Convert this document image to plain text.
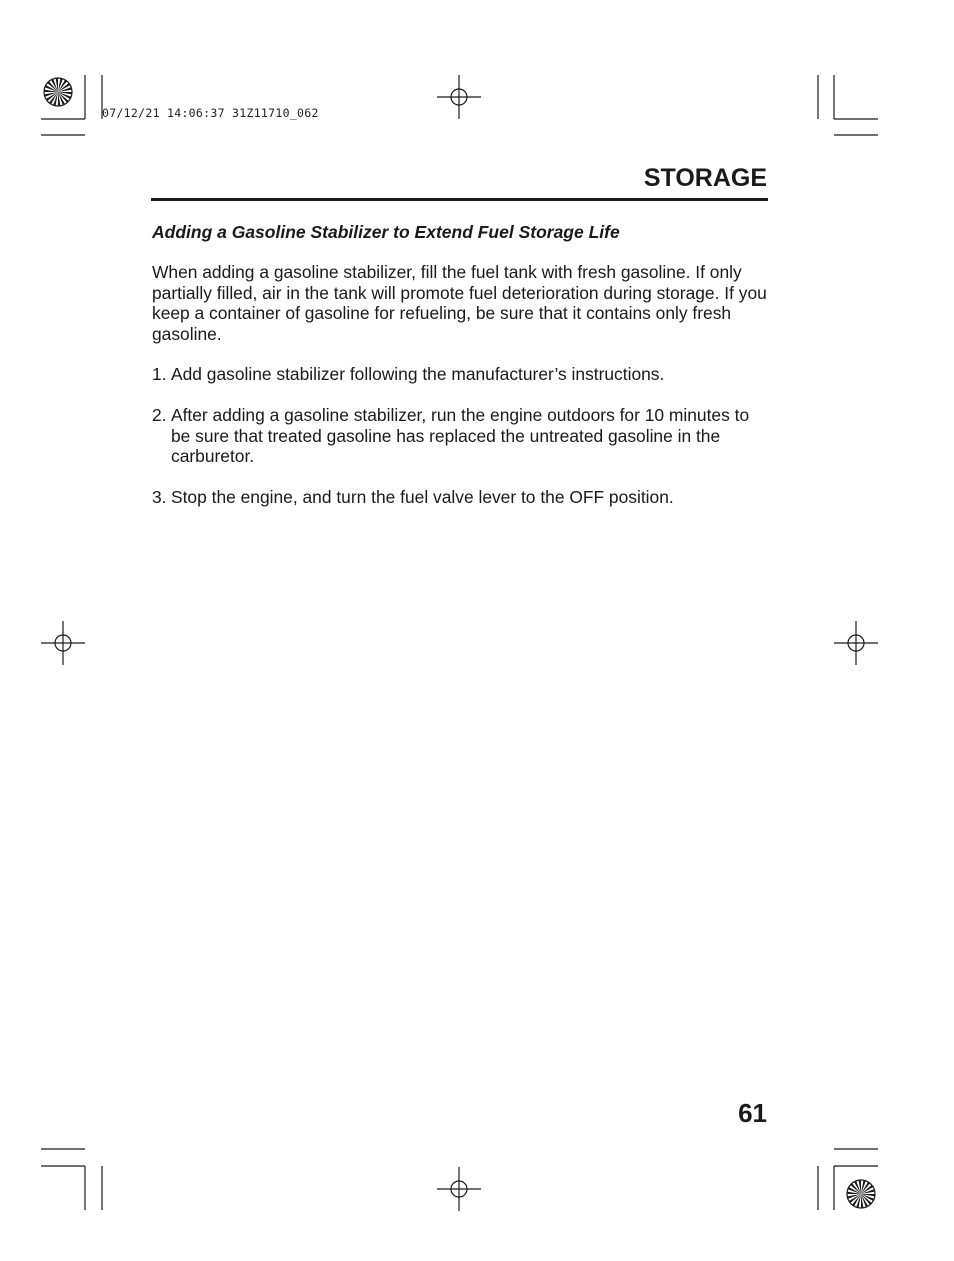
07/12/21 14:06:37 31Z11710_062
STORAGE
Adding a Gasoline Stabilizer to Extend Fuel Storage Life

When adding a gasoline stabilizer, fill the fuel tank with fresh gasoline. If only partially filled, air in the tank will promote fuel deterioration during storage. If you keep a container of gasoline for refueling, be sure that it contains only fresh gasoline.

1. Add gasoline stabilizer following the manufacturer’s instructions.
2. After adding a gasoline stabilizer, run the engine outdoors for 10 minutes to be sure that treated gasoline has replaced the untreated gasoline in the carburetor.
3. Stop the engine, and turn the fuel valve lever to the OFF position.
61
